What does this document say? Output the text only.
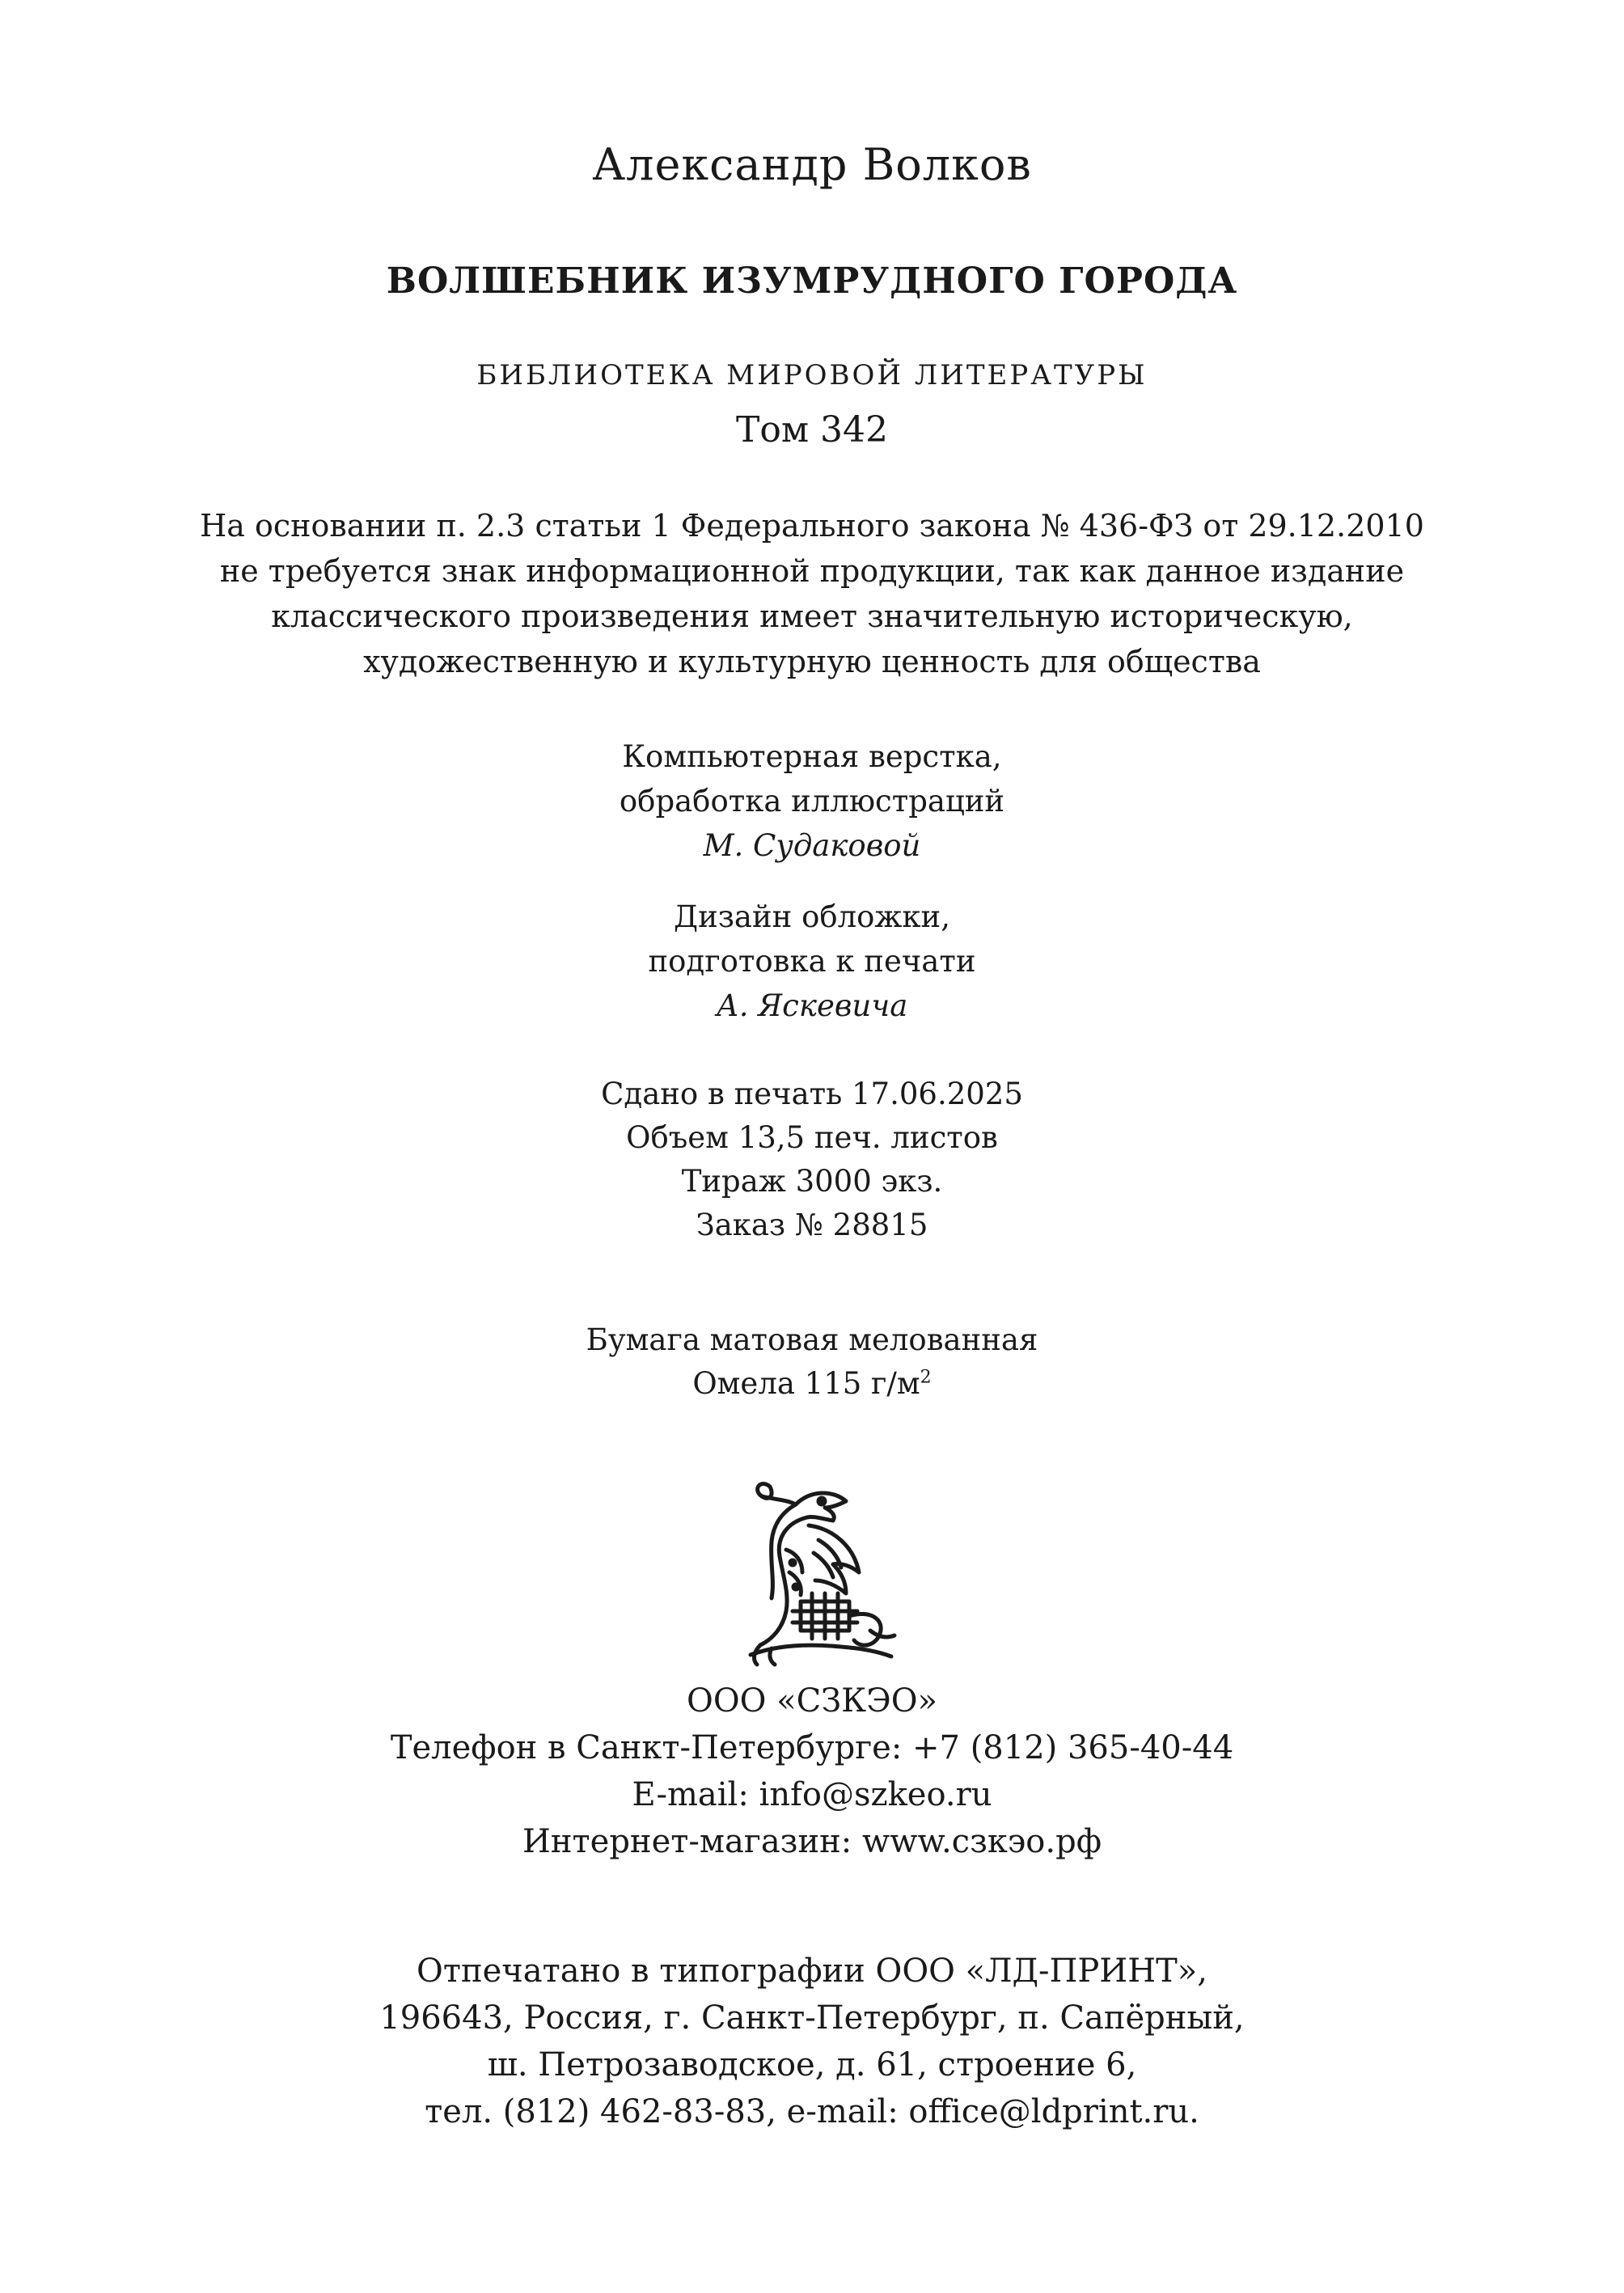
Александр Волков
ВОЛШЕБНИК ИЗУМРУДНОГО ГОРОДА
БИБЛИОТЕКА МИРОВОЙ ЛИТЕРАТУРЫ
Том 342
На основании п. 2.3 статьи 1 Федерального закона № 436-ФЗ от 29.12.2010
не требуется знак информационной продукции, так как данное издание
классического произведения имеет значительную историческую,
художественную и культурную ценность для общества
Компьютерная верстка,
обработка иллюстраций
М. Судаковой
Дизайн обложки,
подготовка к печати
А. Яскевича
Сдано в печать 17.06.2025
Объем 13,5 печ. листов
Тираж 3000 экз.
Заказ № 28815
Бумага матовая мелованная
Омела 115 $г/м^2$
ООО «СЗКЭО»
Телефон в Санкт-Петербурге: +7 (812) 365-40-44
E-mail: info@szkeo.ru
Интернет-магазин: www.сзкэо.рф
Отпечатано в типографии ООО «ЛД-ПРИНТ»,
196643, Россия, г. Санкт-Петербург, п. Сапёрный,
ш. Петрозаводское, д. 61, строение 6,
тел. (812) 462-83-83, e-mail: office@ldprint.ru.
